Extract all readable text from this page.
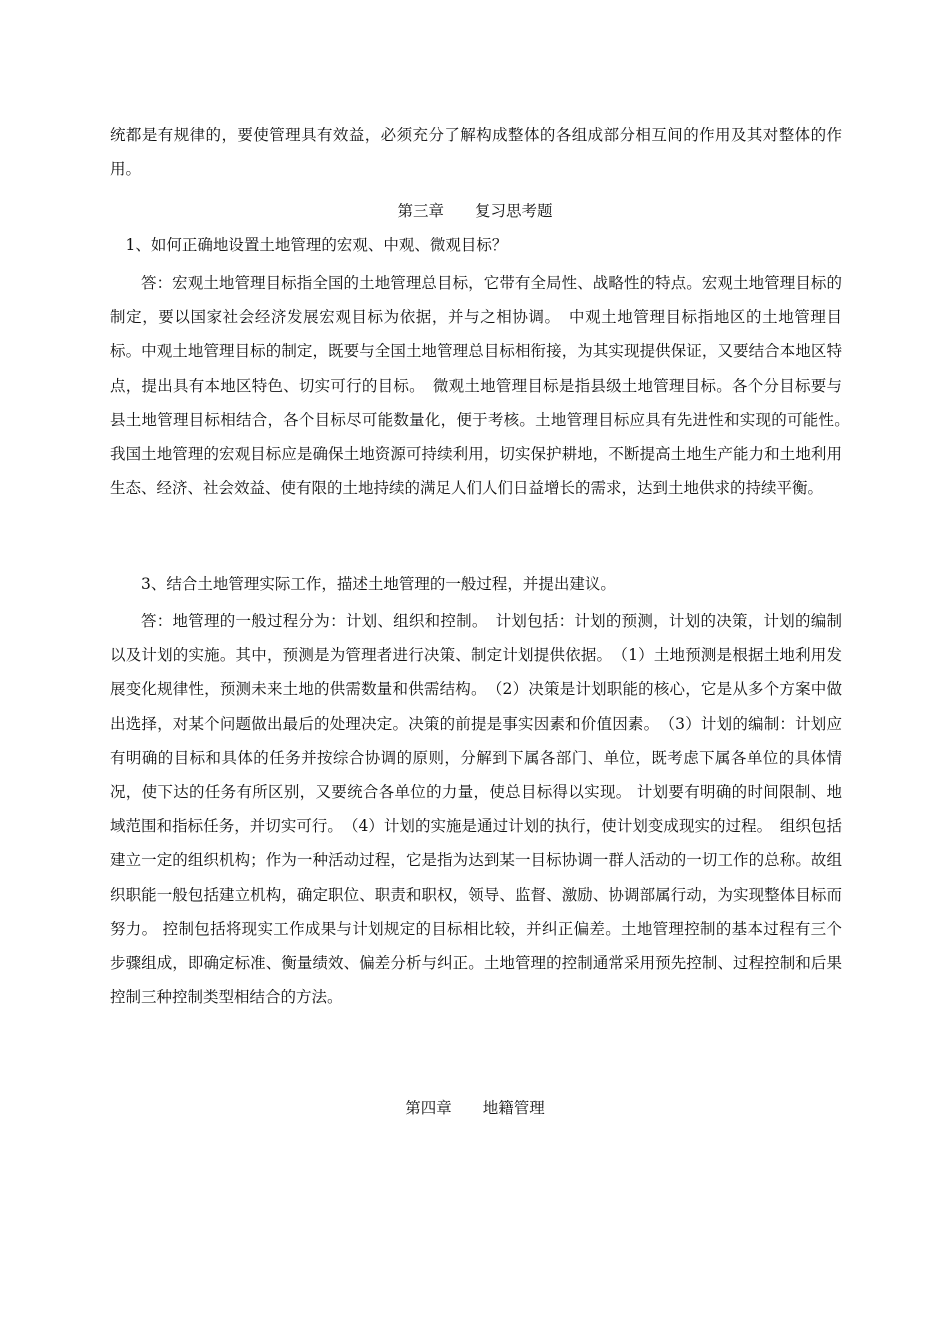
统都是有规律的，要使管理具有效益，必须充分了解构成整体的各组成部分相互间的作用及其对整体的作用。

第三章　　复习思考题

1、如何正确地设置土地管理的宏观、中观、微观目标？

答：宏观土地管理目标指全国的土地管理总目标，它带有全局性、战略性的特点。宏观土地管理目标的制定，要以国家社会经济发展宏观目标为依据，并与之相协调。　中观土地管理目标指地区的土地管理目标。中观土地管理目标的制定，既要与全国土地管理总目标相衔接，为其实现提供保证，又要结合本地区特点，提出具有本地区特色、切实可行的目标。　微观土地管理目标是指县级土地管理目标。各个分目标要与县土地管理目标相结合，各个目标尽可能数量化，便于考核。土地管理目标应具有先进性和实现的可能性。　我国土地管理的宏观目标应是确保土地资源可持续利用，切实保护耕地，不断提高土地生产能力和土地利用生态、经济、社会效益、使有限的土地持续的满足人们人们日益增长的需求，达到土地供求的持续平衡。

3、结合土地管理实际工作，描述土地管理的一般过程，并提出建议。

答：地管理的一般过程分为：计划、组织和控制。　计划包括：计划的预测，计划的决策，计划的编制以及计划的实施。其中，预测是为管理者进行决策、制定计划提供依据。　（1）土地预测是根据土地利用发展变化规律性，预测未来土地的供需数量和供需结构。　（2）决策是计划职能的核心，它是从多个方案中做出选择，对某个问题做出最后的处理决定。决策的前提是事实因素和价值因素。　（3）计划的编制：计划应有明确的目标和具体的任务并按综合协调的原则，分解到下属各部门、单位，既考虑下属各单位的具体情况，使下达的任务有所区别，又要统合各单位的力量，使总目标得以实现。 计划要有明确的时间限制、地域范围和指标任务，并切实可行。　（4）计划的实施是通过计划的执行，使计划变成现实的过程。　组织包括建立一定的组织机构；作为一种活动过程，它是指为达到某一目标协调一群人活动的一切工作的总称。故组织职能一般包括建立机构，确定职位、职责和职权，领导、监督、激励、协调部属行动，为实现整体目标而努力。 控制包括将现实工作成果与计划规定的目标相比较，并纠正偏差。土地管理控制的基本过程有三个步骤组成，即确定标准、衡量绩效、偏差分析与纠正。土地管理的控制通常采用预先控制、过程控制和后果控制三种控制类型相结合的方法。

第四章　　地籍管理
